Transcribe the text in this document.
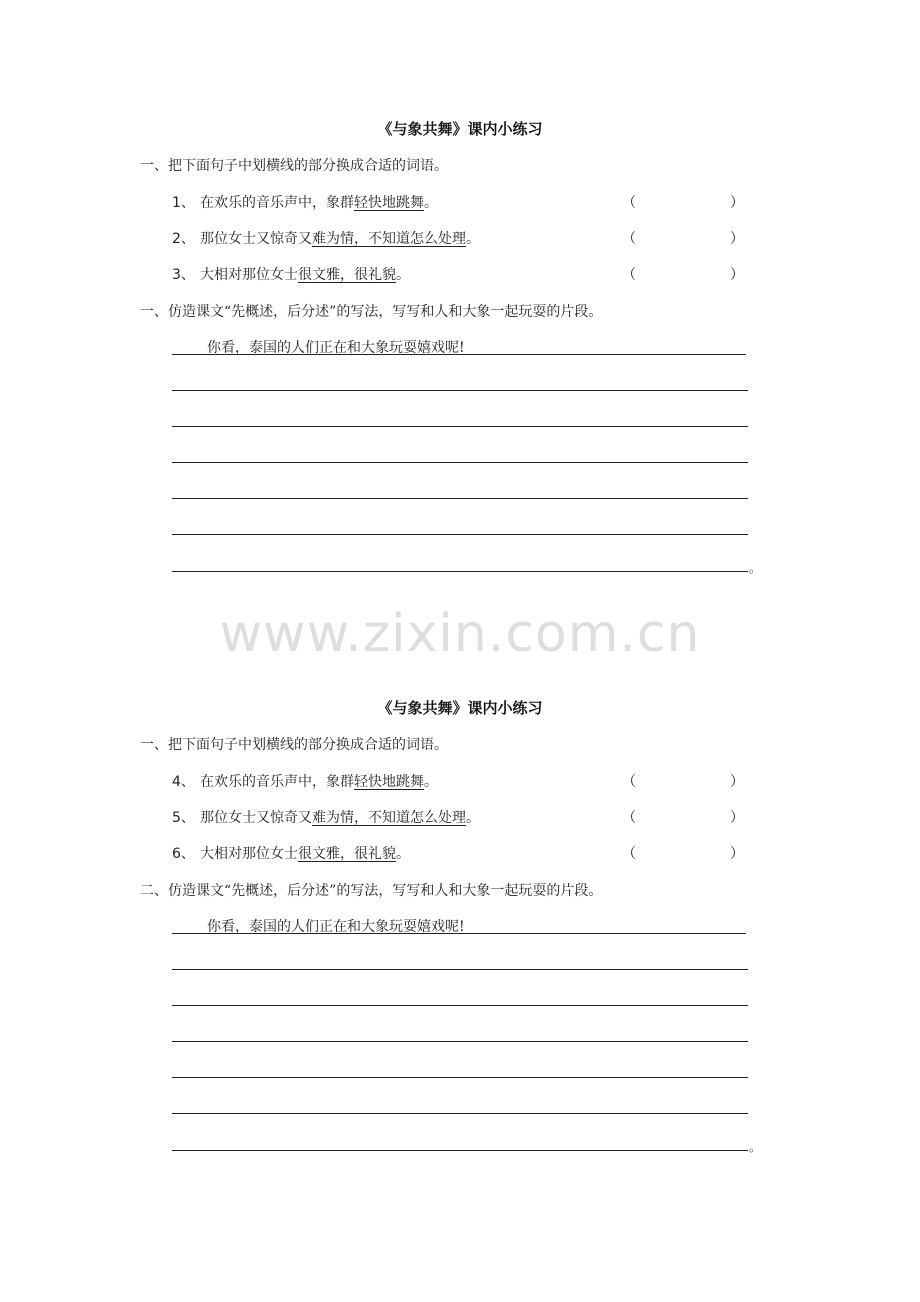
《与象共舞》课内小练习
一、把下面句子中划横线的部分换成合适的词语。
1、 在欢乐的音乐声中，象群轻快地跳舞。	（	）
2、 那位女士又惊奇又难为情，不知道怎么处理。	（	）
3、 大相对那位女士很文雅，很礼貌。	（	）
一、仿造课文“先概述，后分述”的写法，写写和人和大象一起玩耍的片段。
你看，泰国的人们正在和大象玩耍嬉戏呢!
。
www.zixin.com.cn
《与象共舞》课内小练习
一、把下面句子中划横线的部分换成合适的词语。
4、 在欢乐的音乐声中，象群轻快地跳舞。	（	）
5、 那位女士又惊奇又难为情，不知道怎么处理。	（	）
6、 大相对那位女士很文雅，很礼貌。	（	）
二、仿造课文“先概述，后分述”的写法，写写和人和大象一起玩耍的片段。
你看，泰国的人们正在和大象玩耍嬉戏呢!
。
